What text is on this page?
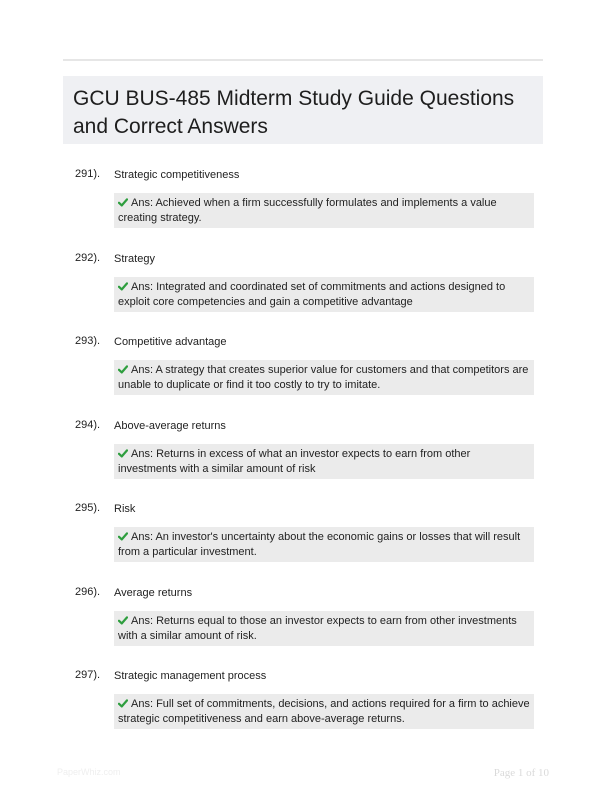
GCU BUS-485 Midterm Study Guide Questions and Correct Answers
291). Strategic competitiveness
Ans: Achieved when a firm successfully formulates and implements a value creating strategy.
292). Strategy
Ans: Integrated and coordinated set of commitments and actions designed to exploit core competencies and gain a competitive advantage
293). Competitive advantage
Ans: A strategy that creates superior value for customers and that competitors are unable to duplicate or find it too costly to try to imitate.
294). Above-average returns
Ans: Returns in excess of what an investor expects to earn from other investments with a similar amount of risk
295). Risk
Ans: An investor's uncertainty about the economic gains or losses that will result from a particular investment.
296). Average returns
Ans: Returns equal to those an investor expects to earn from other investments with a similar amount of risk.
297). Strategic management process
Ans: Full set of commitments, decisions, and actions required for a firm to achieve strategic competitiveness and earn above-average returns.
PaperWhiz.com	Page 1 of 10
